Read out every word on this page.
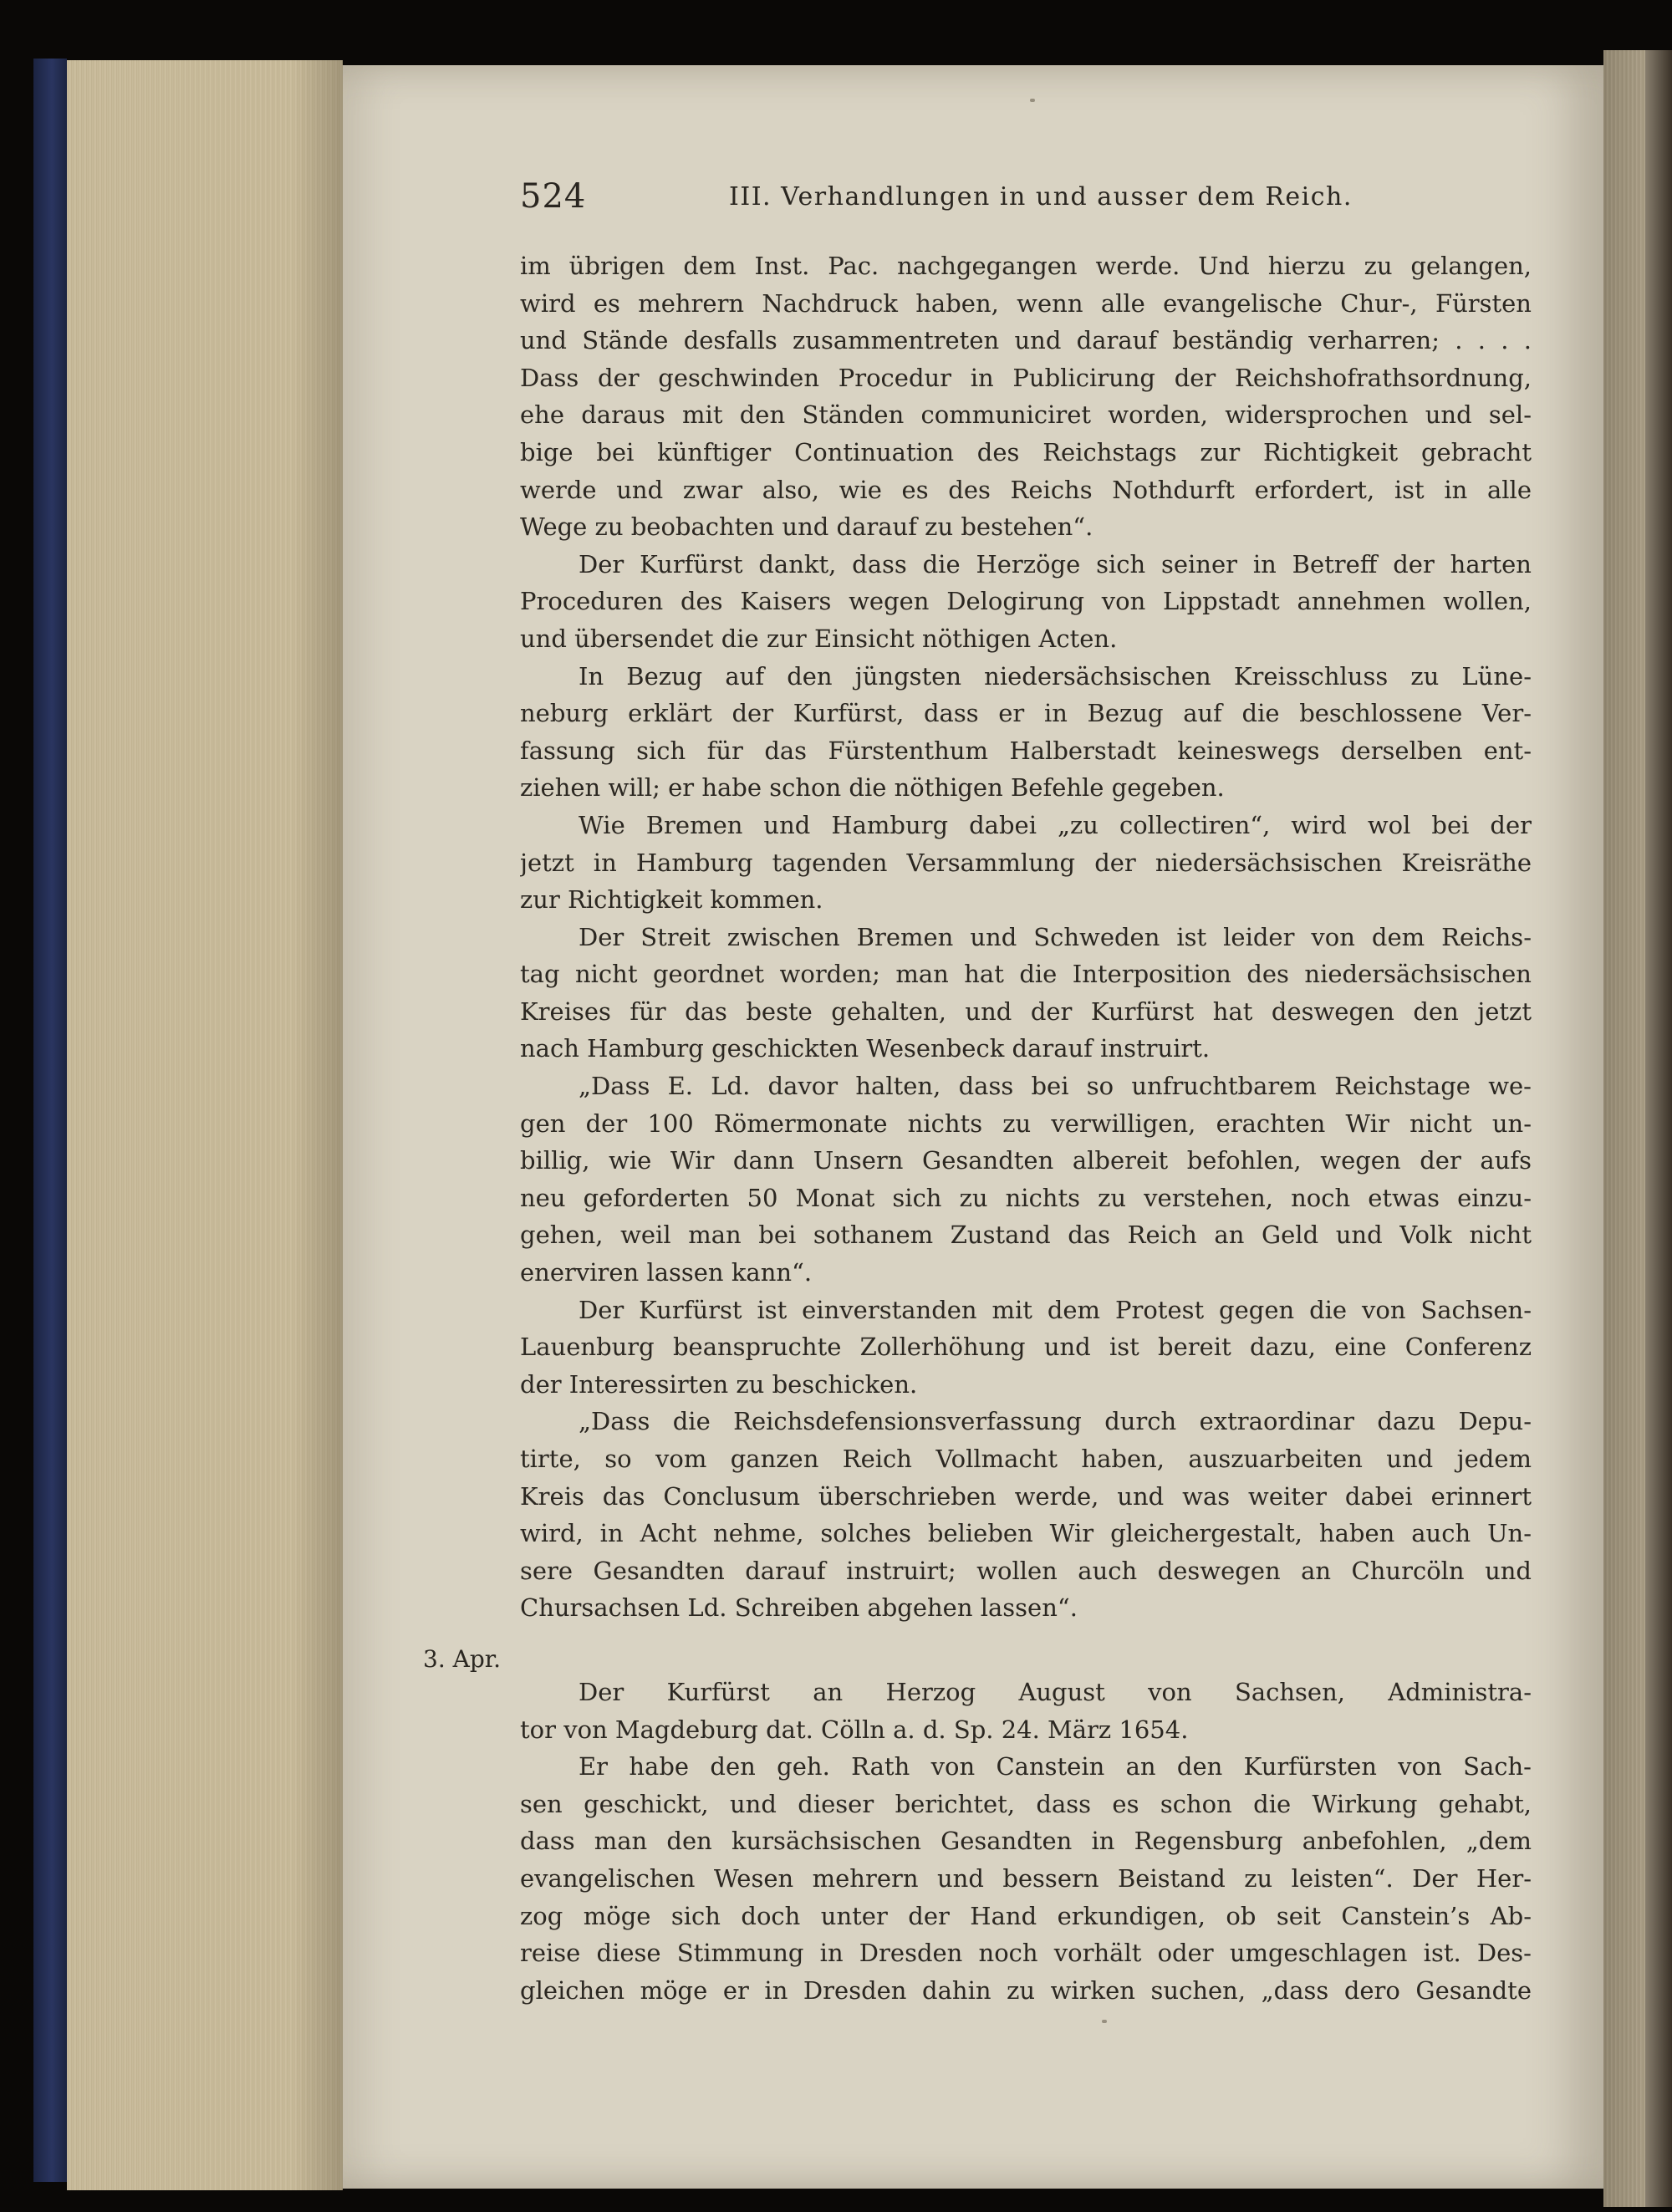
524	III. Verhandlungen in und ausser dem Reich.
3. Apr.
im übrigen dem Inst. Pac. nachgegangen werde. Und hierzu zu gelangen,
wird es mehrern Nachdruck haben, wenn alle evangelische Chur-, Fürsten
und Stände desfalls zusammentreten und darauf beständig verharren; . . . .
Dass der geschwinden Procedur in Publicirung der Reichshofrathsordnung,
ehe daraus mit den Ständen communiciret worden, widersprochen und sel-
bige bei künftiger Continuation des Reichstags zur Richtigkeit gebracht
werde und zwar also, wie es des Reichs Nothdurft erfordert, ist in alle
Wege zu beobachten und darauf zu bestehen“.
Der Kurfürst dankt, dass die Herzöge sich seiner in Betreff der harten
Proceduren des Kaisers wegen Delogirung von Lippstadt annehmen wollen,
und übersendet die zur Einsicht nöthigen Acten.
In Bezug auf den jüngsten niedersächsischen Kreisschluss zu Lüne-
neburg erklärt der Kurfürst, dass er in Bezug auf die beschlossene Ver-
fassung sich für das Fürstenthum Halberstadt keineswegs derselben ent-
ziehen will; er habe schon die nöthigen Befehle gegeben.
Wie Bremen und Hamburg dabei „zu collectiren“, wird wol bei der
jetzt in Hamburg tagenden Versammlung der niedersächsischen Kreisräthe
zur Richtigkeit kommen.
Der Streit zwischen Bremen und Schweden ist leider von dem Reichs-
tag nicht geordnet worden; man hat die Interposition des niedersächsischen
Kreises für das beste gehalten, und der Kurfürst hat deswegen den jetzt
nach Hamburg geschickten Wesenbeck darauf instruirt.
„Dass E. Ld. davor halten, dass bei so unfruchtbarem Reichstage we-
gen der 100 Römermonate nichts zu verwilligen, erachten Wir nicht un-
billig, wie Wir dann Unsern Gesandten albereit befohlen, wegen der aufs
neu geforderten 50 Monat sich zu nichts zu verstehen, noch etwas einzu-
gehen, weil man bei sothanem Zustand das Reich an Geld und Volk nicht
enerviren lassen kann“.
Der Kurfürst ist einverstanden mit dem Protest gegen die von Sachsen-
Lauenburg beanspruchte Zollerhöhung und ist bereit dazu, eine Conferenz
der Interessirten zu beschicken.
„Dass die Reichsdefensionsverfassung durch extraordinar dazu Depu-
tirte, so vom ganzen Reich Vollmacht haben, auszuarbeiten und jedem
Kreis das Conclusum überschrieben werde, und was weiter dabei erinnert
wird, in Acht nehme, solches belieben Wir gleichergestalt, haben auch Un-
sere Gesandten darauf instruirt; wollen auch deswegen an Churcöln und
Chursachsen Ld. Schreiben abgehen lassen“.
Der Kurfürst an Herzog August von Sachsen, Administra-
tor von Magdeburg dat. Cölln a. d. Sp. 24. März 1654.
Er habe den geh. Rath von Canstein an den Kurfürsten von Sach-
sen geschickt, und dieser berichtet, dass es schon die Wirkung gehabt,
dass man den kursächsischen Gesandten in Regensburg anbefohlen, „dem
evangelischen Wesen mehrern und bessern Beistand zu leisten“. Der Her-
zog möge sich doch unter der Hand erkundigen, ob seit Canstein’s Ab-
reise diese Stimmung in Dresden noch vorhält oder umgeschlagen ist. Des-
gleichen möge er in Dresden dahin zu wirken suchen, „dass dero Gesandte
